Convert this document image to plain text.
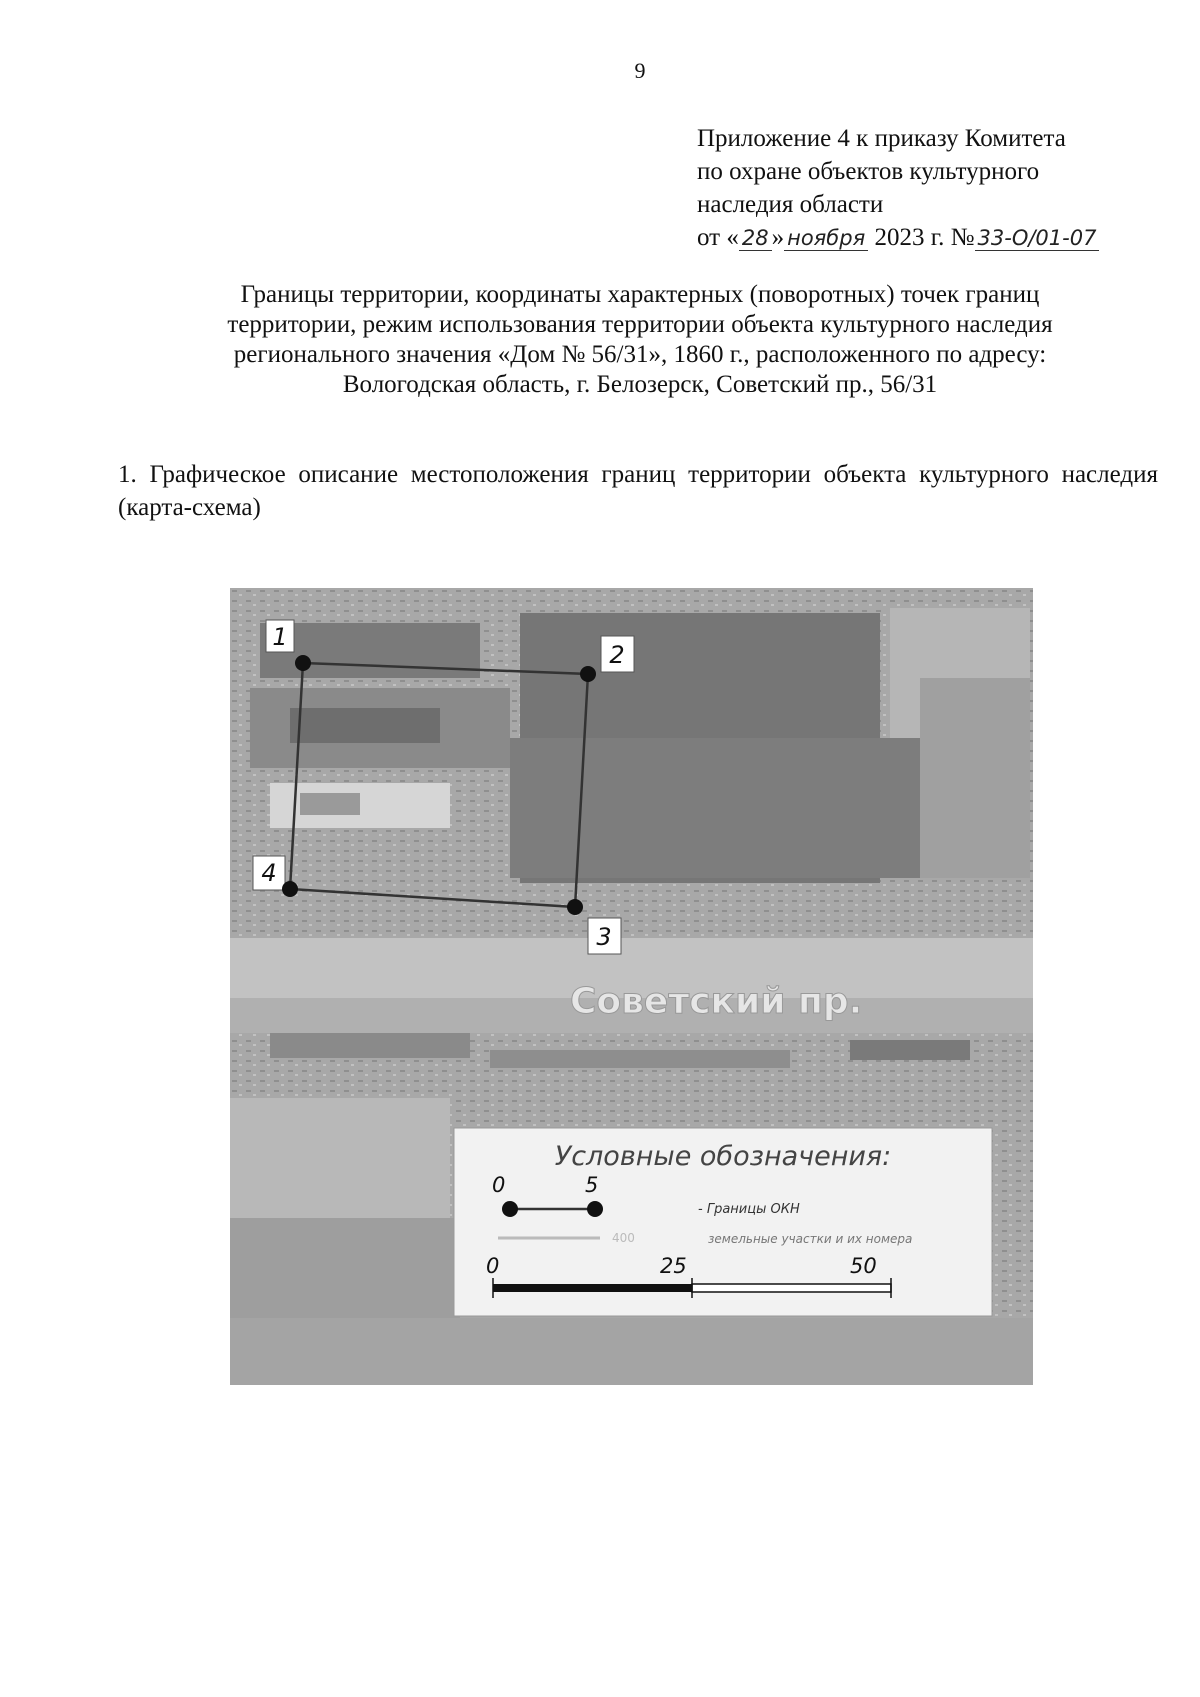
9
Приложение 4 к приказу Комитета
по охране объектов культурного
наследия области
от « 28 » ноября 2023 г. № 33-О/01-07
Границы территории, координаты характерных (поворотных) точек границ
территории, режим использования территории объекта культурного наследия
регионального значения «Дом № 56/31», 1860 г., расположенного по адресу:
Вологодская область, г. Белозерск, Советский пр., 56/31
1. Графическое описание местоположения границ территории объекта культурного наследия (карта-схема)
Советский пр.
1
2
3
4
Условные обозначения:
0	5
- Границы ОКН
400	земельные участки и их номера
0	25	50
